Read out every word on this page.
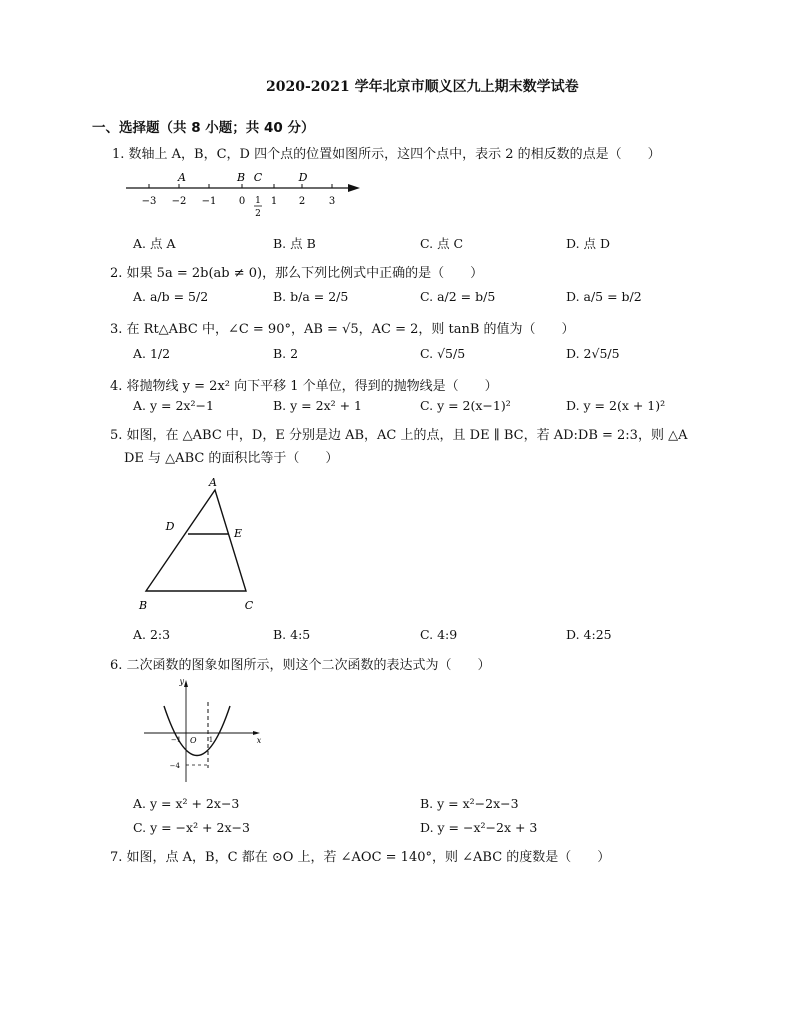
2020-2021 学年北京市顺义区九上期末数学试卷
一、选择题（共 8 小题；共 40 分）
1. 数轴上 A，B，C，D 四个点的位置如图所示，这四个点中，表示 2 的相反数的点是（　　）
A	B C	D
−3 −2 −1 0	1 2 3
1
2
A. 点 A	B. 点 B	C. 点 C	D. 点 D
2. 如果 5a = 2b(ab ≠ 0)，那么下列比例式中正确的是（　　）
A. a/b = 5/2	B. b/a = 2/5	C. a/2 = b/5	D. a/5 = b/2
3. 在 Rt△ABC 中，∠C = 90°，AB = √5，AC = 2，则 tanB 的值为（　　）
A. 1/2	B. 2	C. √5/5	D. 2√5/5
4. 将抛物线 y = 2x² 向下平移 1 个单位，得到的抛物线是（　　）
A. y = 2x²−1	B. y = 2x² + 1	C. y = 2(x−1)²	D. y = 2(x + 1)²
5. 如图，在 △ABC 中，D，E 分别是边 AB，AC 上的点，且 DE ∥ BC，若 AD:DB = 2:3，则 △A
DE 与 △ABC 的面积比等于（　　）
A
D
E
B	C
A. 2:3	B. 4:5	C. 4:9	D. 4:25
6. 二次函数的图象如图所示，则这个二次函数的表达式为（　　）
y
O
−1	1	x
−4
A. y = x² + 2x−3	B. y = x²−2x−3
C. y = −x² + 2x−3	D. y = −x²−2x + 3
7. 如图，点 A，B，C 都在 ⊙O 上，若 ∠AOC = 140°，则 ∠ABC 的度数是（　　）
